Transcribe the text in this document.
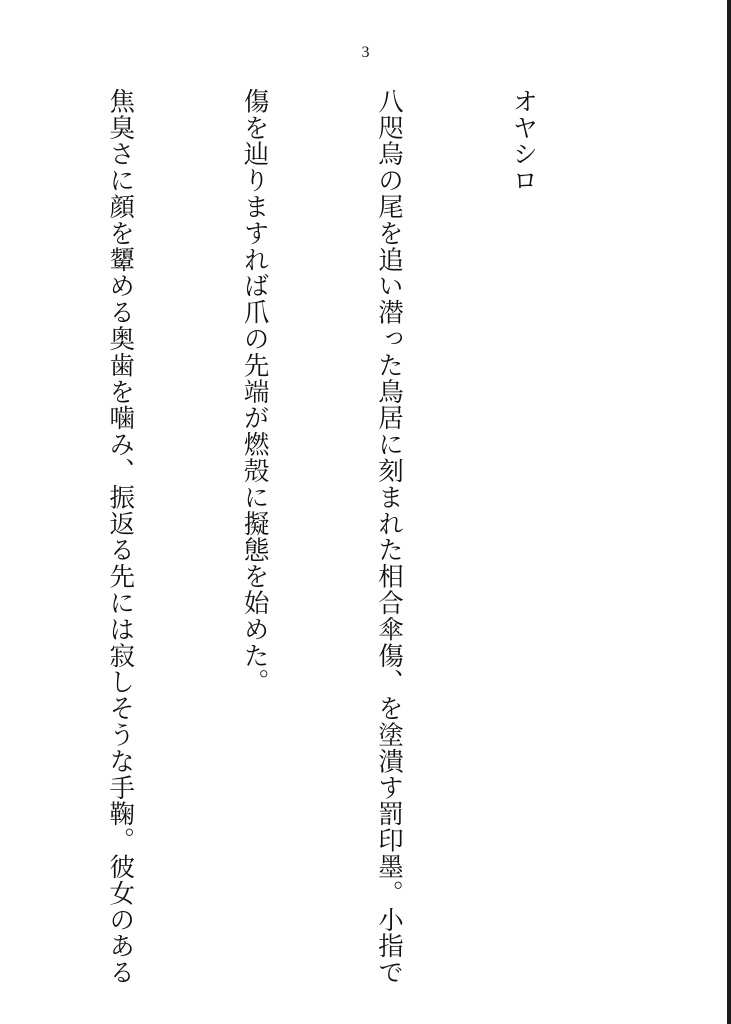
3

オヤシロ

八咫烏の尾を追い潜った鳥居に刻まれた相合傘傷、を塗潰す罰印墨。小指で

傷を辿りますれば爪の先端が燃殻に擬態を始めた。

焦臭さに顔を顰める奥歯を噛み、振返る先には寂しそうな手鞠。彼女のある
